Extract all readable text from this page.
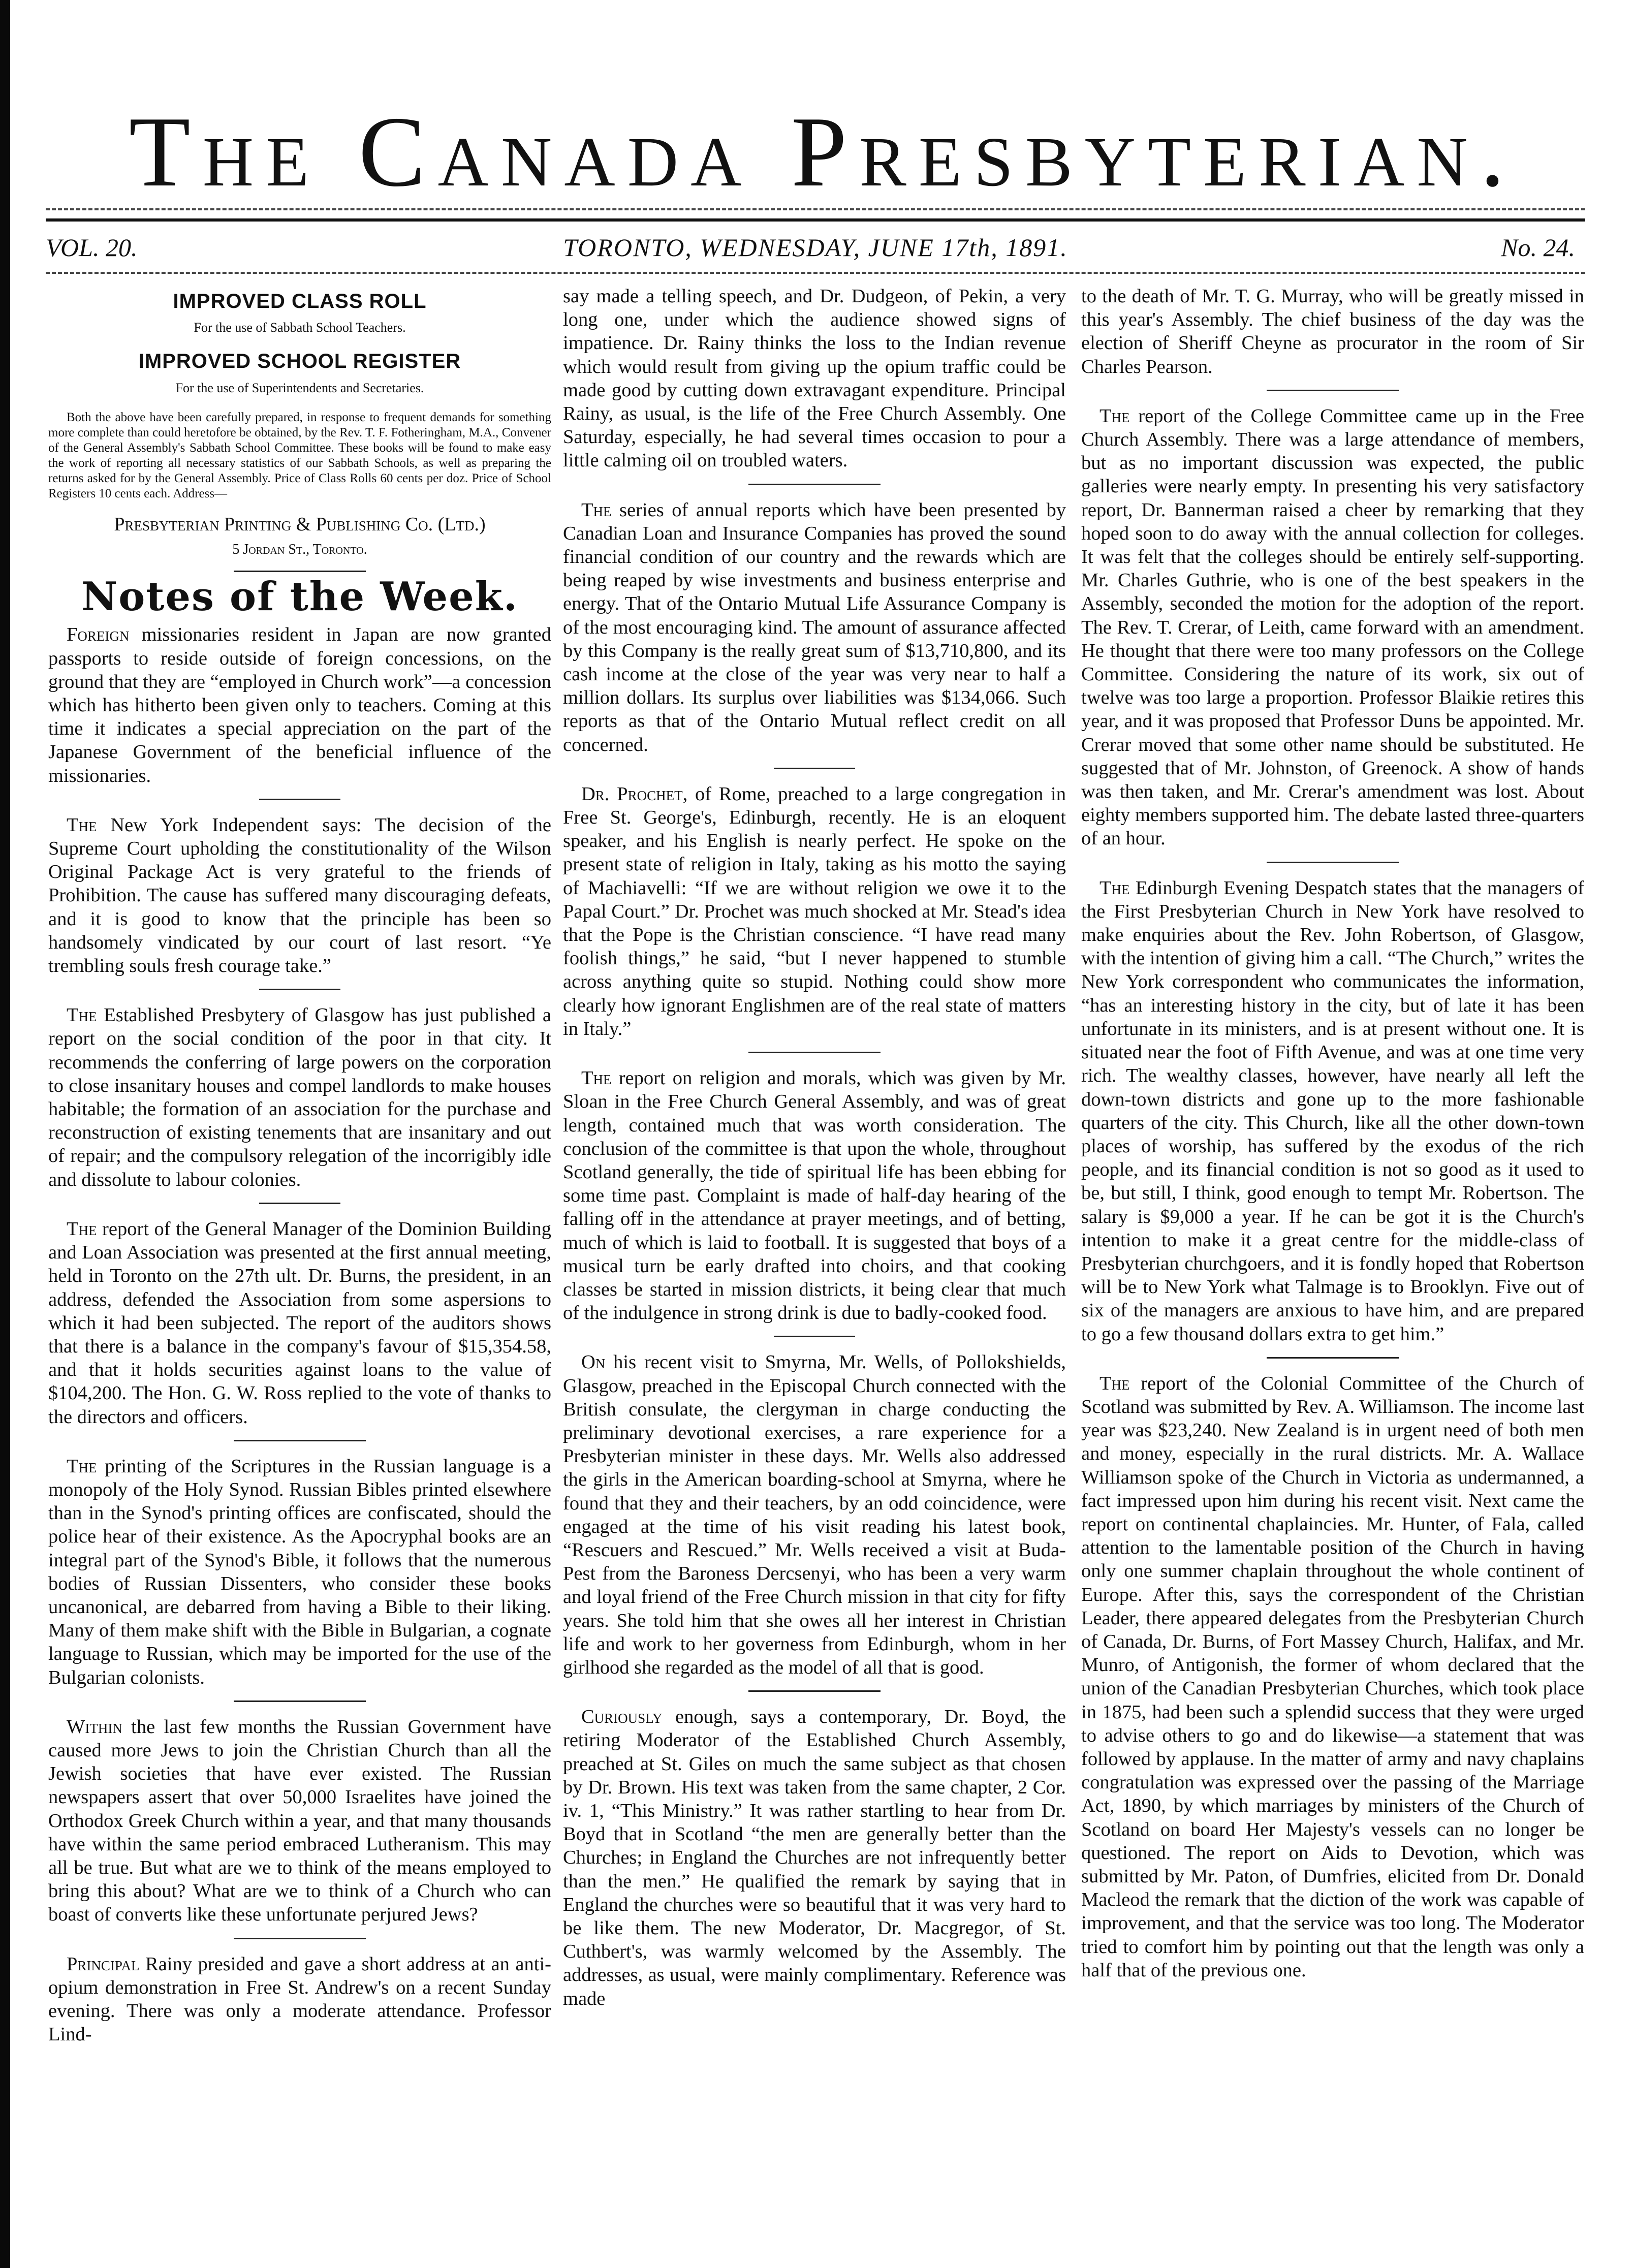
The Canada Presbyterian.
VOL. 20.	TORONTO, WEDNESDAY, JUNE 17th, 1891.	No. 24.
IMPROVED CLASS ROLL
For the use of Sabbath School Teachers.
IMPROVED SCHOOL REGISTER
For the use of Superintendents and Secretaries.

Both the above have been carefully prepared, in response to frequent demands for something more complete than could heretofore be obtained, by the Rev. T. F. Fotheringham, M.A., Convener of the General Assembly's Sabbath School Committee. These books will be found to make easy the work of reporting all necessary statistics of our Sabbath Schools, as well as preparing the returns asked for by the General Assembly. Price of Class Rolls 60 cents per doz. Price of School Registers 10 cents each. Address—

Presbyterian Printing & Publishing Co. (Ltd.)
5 Jordan St., Toronto.
Notes of the Week.

Foreign missionaries resident in Japan are now granted passports to reside outside of foreign concessions, on the ground that they are “employed in Church work”—a concession which has hitherto been given only to teachers. Coming at this time it indicates a special appreciation on the part of the Japanese Government of the beneficial influence of the missionaries.

The New York Independent says: The decision of the Supreme Court upholding the constitutionality of the Wilson Original Package Act is very grateful to the friends of Prohibition. The cause has suffered many discouraging defeats, and it is good to know that the principle has been so handsomely vindicated by our court of last resort. “Ye trembling souls fresh courage take.”

The Established Presbytery of Glasgow has just published a report on the social condition of the poor in that city. It recommends the conferring of large powers on the corporation to close insanitary houses and compel landlords to make houses habitable; the formation of an association for the purchase and reconstruction of existing tenements that are insanitary and out of repair; and the compulsory relegation of the incorrigibly idle and dissolute to labour colonies.

The report of the General Manager of the Dominion Building and Loan Association was presented at the first annual meeting, held in Toronto on the 27th ult. Dr. Burns, the president, in an address, defended the Association from some aspersions to which it had been subjected. The report of the auditors shows that there is a balance in the company's favour of $15,354.58, and that it holds securities against loans to the value of $104,200. The Hon. G. W. Ross replied to the vote of thanks to the directors and officers.

The printing of the Scriptures in the Russian language is a monopoly of the Holy Synod. Russian Bibles printed elsewhere than in the Synod's printing offices are confiscated, should the police hear of their existence. As the Apocryphal books are an integral part of the Synod's Bible, it follows that the numerous bodies of Russian Dissenters, who consider these books uncanonical, are debarred from having a Bible to their liking. Many of them make shift with the Bible in Bulgarian, a cognate language to Russian, which may be imported for the use of the Bulgarian colonists.

Within the last few months the Russian Government have caused more Jews to join the Christian Church than all the Jewish societies that have ever existed. The Russian newspapers assert that over 50,000 Israelites have joined the Orthodox Greek Church within a year, and that many thousands have within the same period embraced Lutheranism. This may all be true. But what are we to think of the means employed to bring this about? What are we to think of a Church who can boast of converts like these unfortunate perjured Jews?

Principal Rainy presided and gave a short address at an anti-opium demonstration in Free St. Andrew's on a recent Sunday evening. There was only a moderate attendance. Professor Lind-

say made a telling speech, and Dr. Dudgeon, of Pekin, a very long one, under which the audience showed signs of impatience. Dr. Rainy thinks the loss to the Indian revenue which would result from giving up the opium traffic could be made good by cutting down extravagant expenditure. Principal Rainy, as usual, is the life of the Free Church Assembly. One Saturday, especially, he had several times occasion to pour a little calming oil on troubled waters.

The series of annual reports which have been presented by Canadian Loan and Insurance Companies has proved the sound financial condition of our country and the rewards which are being reaped by wise investments and business enterprise and energy. That of the Ontario Mutual Life Assurance Company is of the most encouraging kind. The amount of assurance affected by this Company is the really great sum of $13,710,800, and its cash income at the close of the year was very near to half a million dollars. Its surplus over liabilities was $134,066. Such reports as that of the Ontario Mutual reflect credit on all concerned.

Dr. Prochet, of Rome, preached to a large congregation in Free St. George's, Edinburgh, recently. He is an eloquent speaker, and his English is nearly perfect. He spoke on the present state of religion in Italy, taking as his motto the saying of Machiavelli: “If we are without religion we owe it to the Papal Court.” Dr. Prochet was much shocked at Mr. Stead's idea that the Pope is the Christian conscience. “I have read many foolish things,” he said, “but I never happened to stumble across anything quite so stupid. Nothing could show more clearly how ignorant Englishmen are of the real state of matters in Italy.”

The report on religion and morals, which was given by Mr. Sloan in the Free Church General Assembly, and was of great length, contained much that was worth consideration. The conclusion of the committee is that upon the whole, throughout Scotland generally, the tide of spiritual life has been ebbing for some time past. Complaint is made of half-day hearing of the falling off in the attendance at prayer meetings, and of betting, much of which is laid to football. It is suggested that boys of a musical turn be early drafted into choirs, and that cooking classes be started in mission districts, it being clear that much of the indulgence in strong drink is due to badly-cooked food.

On his recent visit to Smyrna, Mr. Wells, of Pollokshields, Glasgow, preached in the Episcopal Church connected with the British consulate, the clergyman in charge conducting the preliminary devotional exercises, a rare experience for a Presbyterian minister in these days. Mr. Wells also addressed the girls in the American boarding-school at Smyrna, where he found that they and their teachers, by an odd coincidence, were engaged at the time of his visit reading his latest book, “Rescuers and Rescued.” Mr. Wells received a visit at Buda-Pest from the Baroness Dercsenyi, who has been a very warm and loyal friend of the Free Church mission in that city for fifty years. She told him that she owes all her interest in Christian life and work to her governess from Edinburgh, whom in her girlhood she regarded as the model of all that is good.

Curiously enough, says a contemporary, Dr. Boyd, the retiring Moderator of the Established Church Assembly, preached at St. Giles on much the same subject as that chosen by Dr. Brown. His text was taken from the same chapter, 2 Cor. iv. 1, “This Ministry.” It was rather startling to hear from Dr. Boyd that in Scotland “the men are generally better than the Churches; in England the Churches are not infrequently better than the men.” He qualified the remark by saying that in England the churches were so beautiful that it was very hard to be like them. The new Moderator, Dr. Macgregor, of St. Cuthbert's, was warmly welcomed by the Assembly. The addresses, as usual, were mainly complimentary. Reference was made

to the death of Mr. T. G. Murray, who will be greatly missed in this year's Assembly. The chief business of the day was the election of Sheriff Cheyne as procurator in the room of Sir Charles Pearson.

The report of the College Committee came up in the Free Church Assembly. There was a large attendance of members, but as no important discussion was expected, the public galleries were nearly empty. In presenting his very satisfactory report, Dr. Bannerman raised a cheer by remarking that they hoped soon to do away with the annual collection for colleges. It was felt that the colleges should be entirely self-supporting. Mr. Charles Guthrie, who is one of the best speakers in the Assembly, seconded the motion for the adoption of the report. The Rev. T. Crerar, of Leith, came forward with an amendment. He thought that there were too many professors on the College Committee. Considering the nature of its work, six out of twelve was too large a proportion. Professor Blaikie retires this year, and it was proposed that Professor Duns be appointed. Mr. Crerar moved that some other name should be substituted. He suggested that of Mr. Johnston, of Greenock. A show of hands was then taken, and Mr. Crerar's amendment was lost. About eighty members supported him. The debate lasted three-quarters of an hour.

The Edinburgh Evening Despatch states that the managers of the First Presbyterian Church in New York have resolved to make enquiries about the Rev. John Robertson, of Glasgow, with the intention of giving him a call. “The Church,” writes the New York correspondent who communicates the information, “has an interesting history in the city, but of late it has been unfortunate in its ministers, and is at present without one. It is situated near the foot of Fifth Avenue, and was at one time very rich. The wealthy classes, however, have nearly all left the down-town districts and gone up to the more fashionable quarters of the city. This Church, like all the other down-town places of worship, has suffered by the exodus of the rich people, and its financial condition is not so good as it used to be, but still, I think, good enough to tempt Mr. Robertson. The salary is $9,000 a year. If he can be got it is the Church's intention to make it a great centre for the middle-class of Presbyterian churchgoers, and it is fondly hoped that Robertson will be to New York what Talmage is to Brooklyn. Five out of six of the managers are anxious to have him, and are prepared to go a few thousand dollars extra to get him.”

The report of the Colonial Committee of the Church of Scotland was submitted by Rev. A. Williamson. The income last year was $23,240. New Zealand is in urgent need of both men and money, especially in the rural districts. Mr. A. Wallace Williamson spoke of the Church in Victoria as undermanned, a fact impressed upon him during his recent visit. Next came the report on continental chaplaincies. Mr. Hunter, of Fala, called attention to the lamentable position of the Church in having only one summer chaplain throughout the whole continent of Europe. After this, says the correspondent of the Christian Leader, there appeared delegates from the Presbyterian Church of Canada, Dr. Burns, of Fort Massey Church, Halifax, and Mr. Munro, of Antigonish, the former of whom declared that the union of the Canadian Presbyterian Churches, which took place in 1875, had been such a splendid success that they were urged to advise others to go and do likewise—a statement that was followed by applause. In the matter of army and navy chaplains congratulation was expressed over the passing of the Marriage Act, 1890, by which marriages by ministers of the Church of Scotland on board Her Majesty's vessels can no longer be questioned. The report on Aids to Devotion, which was submitted by Mr. Paton, of Dumfries, elicited from Dr. Donald Macleod the remark that the diction of the work was capable of improvement, and that the service was too long. The Moderator tried to comfort him by pointing out that the length was only a half that of the previous one.
